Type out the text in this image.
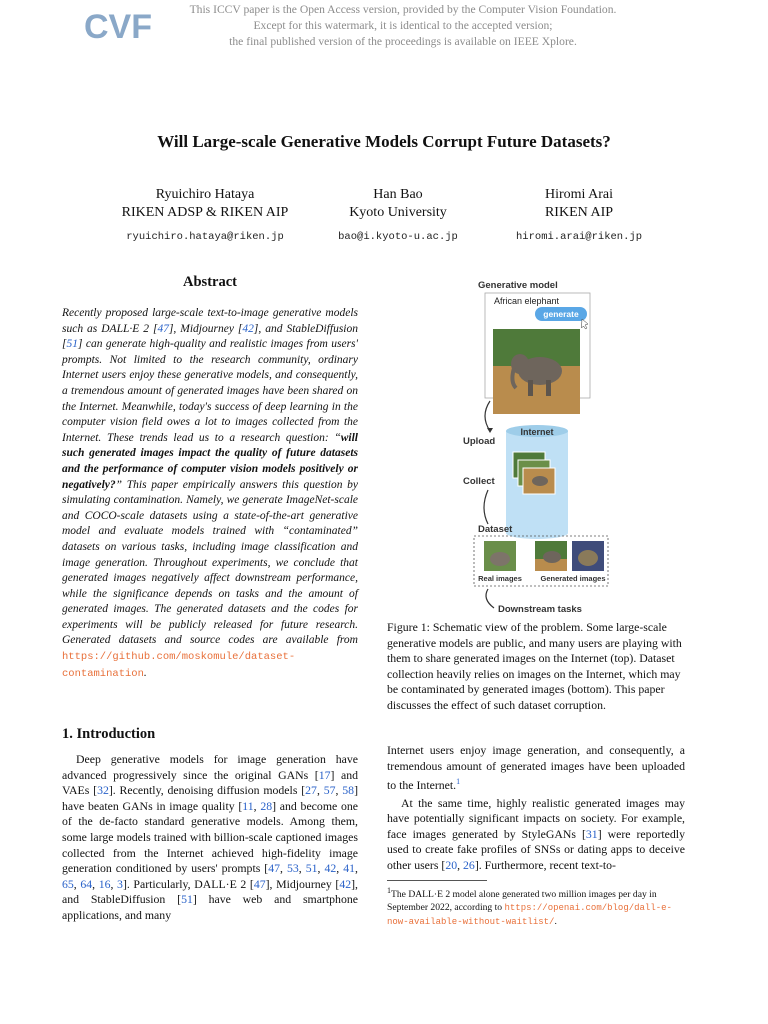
This ICCV paper is the Open Access version, provided by the Computer Vision Foundation.
Except for this watermark, it is identical to the accepted version;
the final published version of the proceedings is available on IEEE Xplore.
CVF
Will Large-scale Generative Models Corrupt Future Datasets?
Ryuichiro Hataya
RIKEN ADSP & RIKEN AIP
ryuichiro.hataya@riken.jp
Han Bao
Kyoto University
bao@i.kyoto-u.ac.jp
Hiromi Arai
RIKEN AIP
hiromi.arai@riken.jp
Abstract
Recently proposed large-scale text-to-image generative models such as DALL·E 2 [47], Midjourney [42], and StableDiffusion [51] can generate high-quality and realistic images from users' prompts. Not limited to the research community, ordinary Internet users enjoy these generative models, and consequently, a tremendous amount of generated images have been shared on the Internet. Meanwhile, today's success of deep learning in the computer vision field owes a lot to images collected from the Internet. These trends lead us to a research question: “will such generated images impact the quality of future datasets and the performance of computer vision models positively or negatively?” This paper empirically answers this question by simulating contamination. Namely, we generate ImageNet-scale and COCO-scale datasets using a state-of-the-art generative model and evaluate models trained with “contaminated” datasets on various tasks, including image classification and image generation. Throughout experiments, we conclude that generated images negatively affect downstream performance, while the significance depends on tasks and the amount of generated images. The generated datasets and the codes for experiments will be publicly released for future research. Generated datasets and source codes are available from https://github.com/moskomule/dataset-contamination.
1. Introduction

Deep generative models for image generation have advanced progressively since the original GANs [17] and VAEs [32]. Recently, denoising diffusion models [27, 57, 58] have beaten GANs in image quality [11, 28] and become one of the de-facto standard generative models. Among them, some large models trained with billion-scale captioned images collected from the Internet achieved high-fidelity image generation conditioned by users' prompts [47, 53, 51, 42, 41, 65, 64, 16, 3]. Particularly, DALL·E 2 [47], Midjourney [42], and StableDiffusion [51] have web and smartphone applications, and many

Internet users enjoy image generation, and consequently, a tremendous amount of generated images have been uploaded to the Internet.$^1$

At the same time, highly realistic generated images may have potentially significant impacts on society. For example, face images generated by StyleGANs [31] were reportedly used to create fake profiles of SNSs or dating apps to deceive other users [20, 26]. Furthermore, recent text-to-

Generative model
African elephant
generate
Upload
Internet
Collect
Dataset
Real images Generated images
Downstream tasks
Figure 1: Schematic view of the problem. Some large-scale generative models are public, and many users are playing with them to share generated images on the Internet (top). Dataset collection heavily relies on images on the Internet, which may be contaminated by generated images (bottom). This paper discusses the effect of such dataset corruption.
$^1$The DALL·E 2 model alone generated two million images per day in September 2022, according to https://openai.com/blog/dall-e-now-available-without-waitlist/.
